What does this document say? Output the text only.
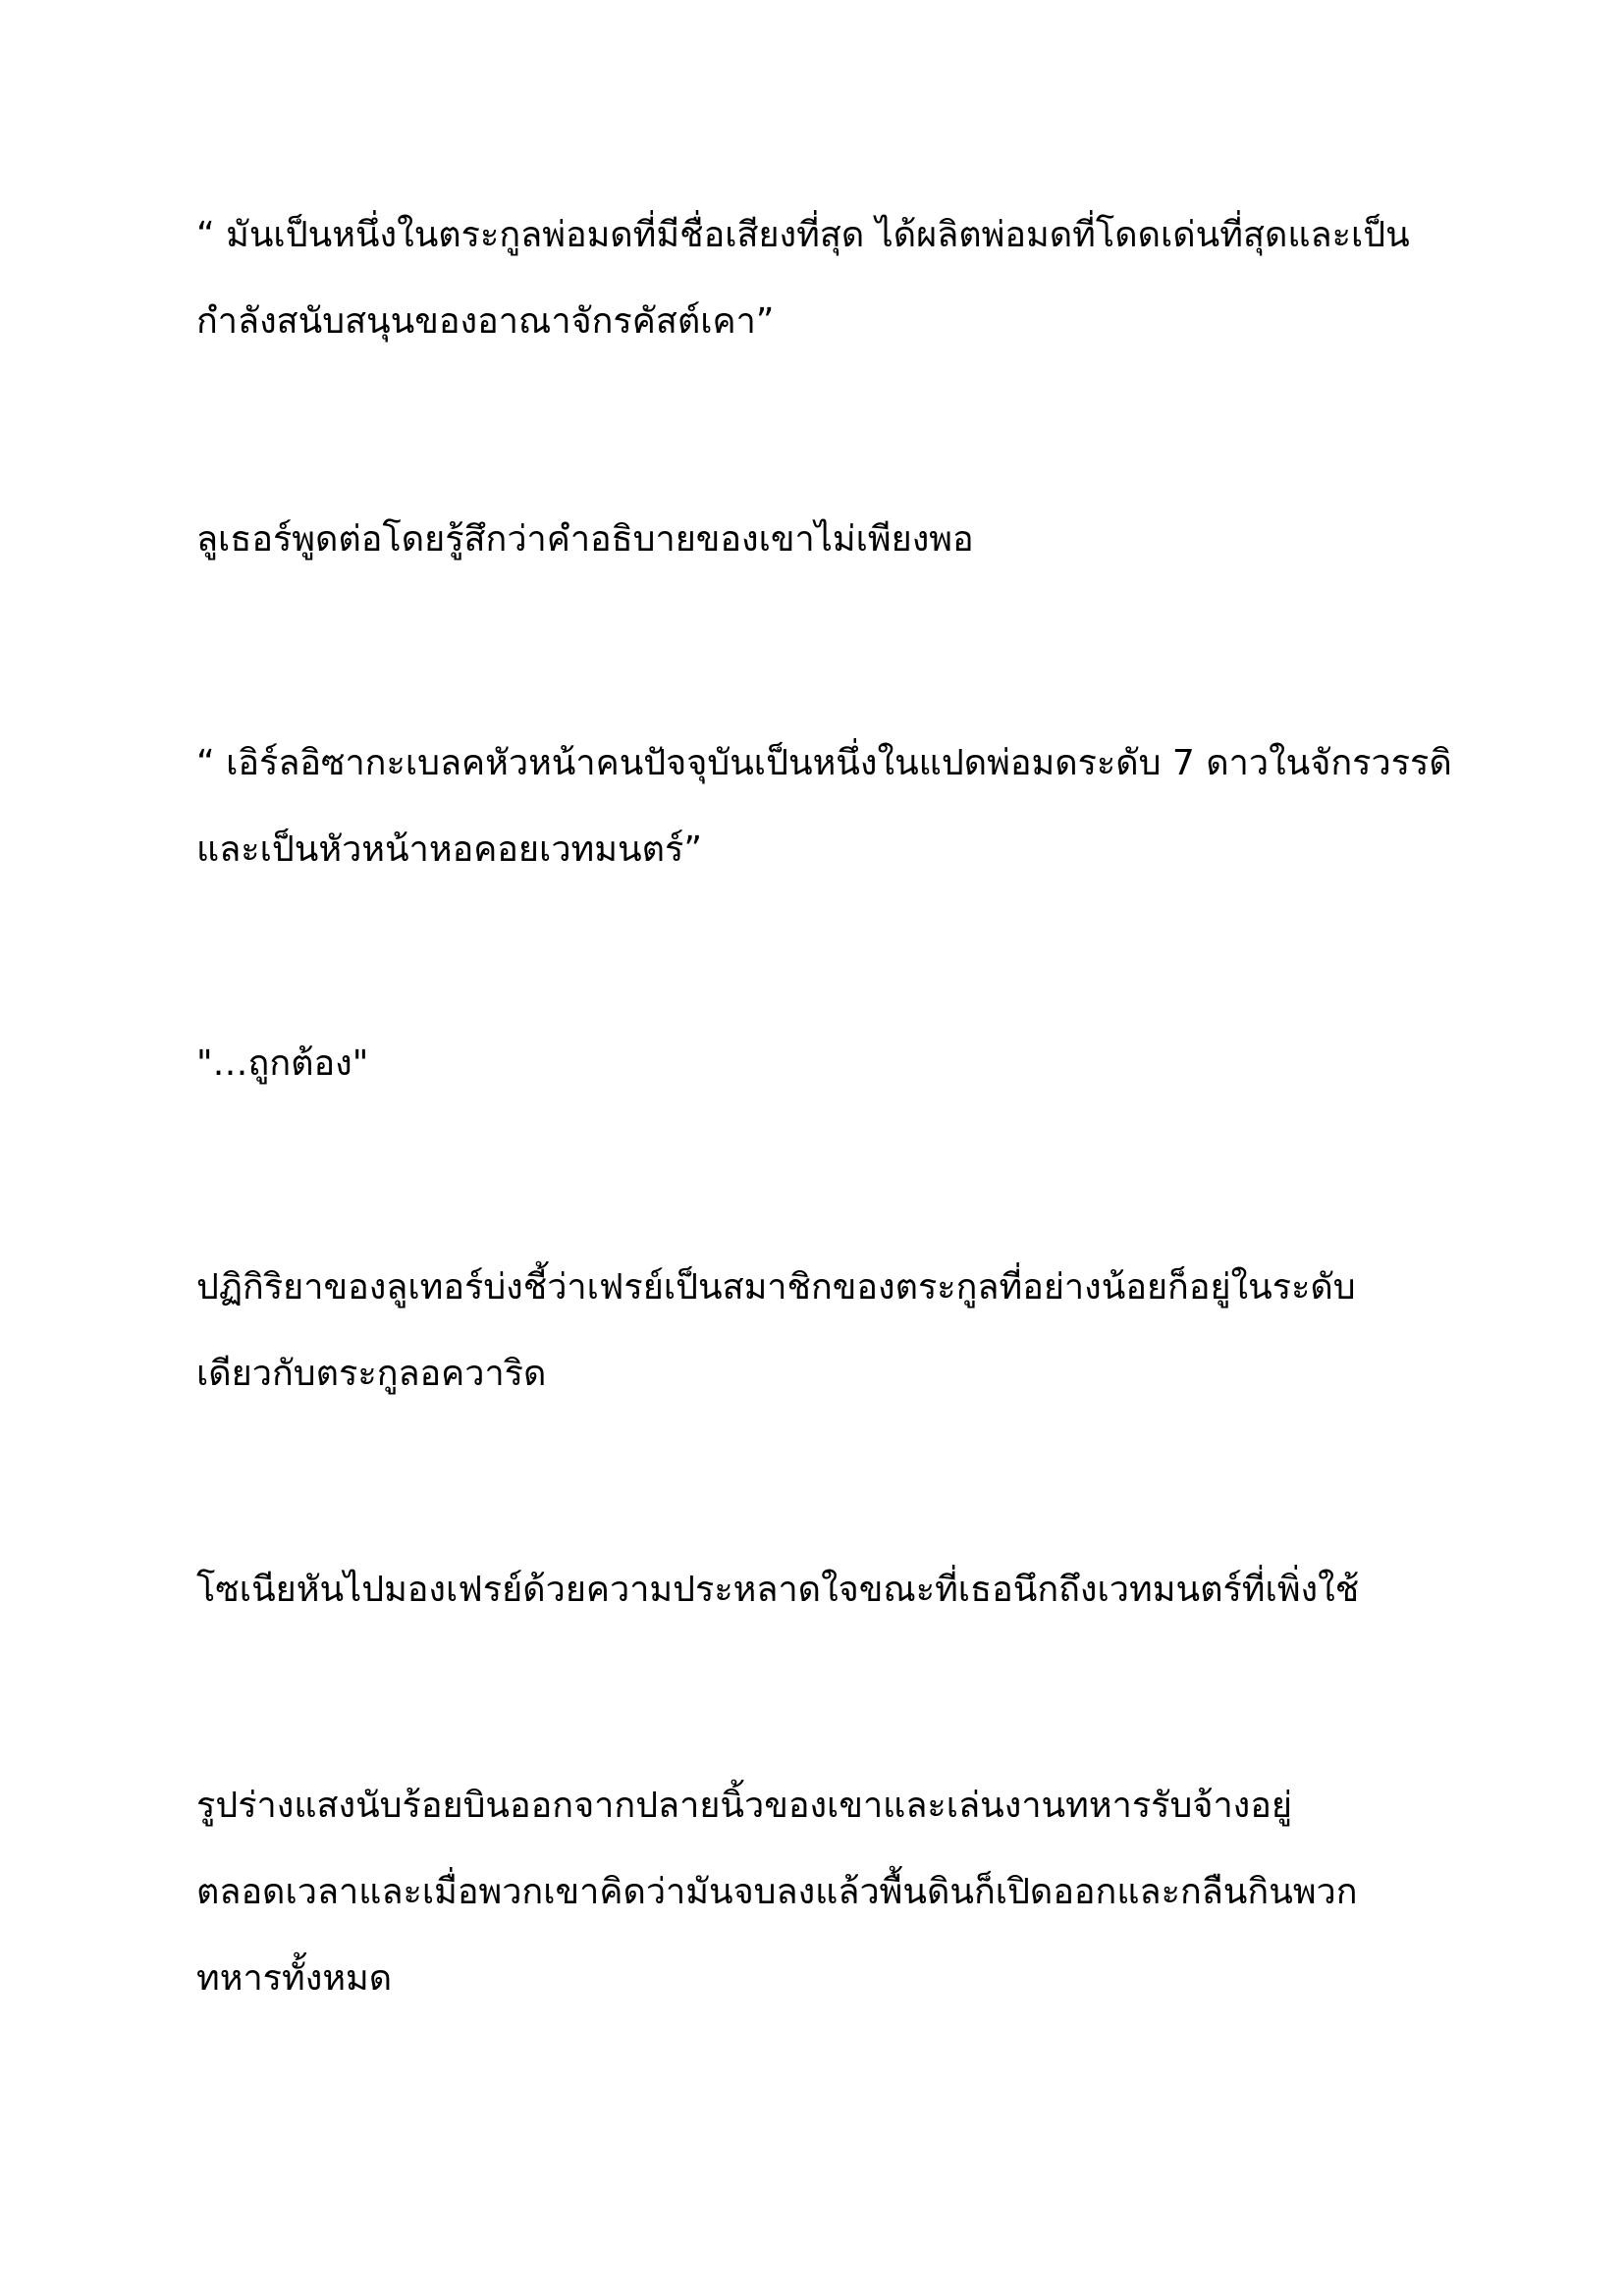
“ มันเป็นหนึ่งในตระกูลพ่อมดที่มีชื่อเสียงที่สุด ได้ผลิตพ่อมดที่โดดเด่นที่สุดและเป็น

กำลังสนับสนุนของอาณาจักรคัสต์เคา”

ลูเธอร์พูดต่อโดยรู้สึกว่าคำอธิบายของเขาไม่เพียงพอ

“ เอิร์ลอิซากะเบลคหัวหน้าคนปัจจุบันเป็นหนึ่งในแปดพ่อมดระดับ 7 ดาวในจักรวรรดิ

และเป็นหัวหน้าหอคอยเวทมนตร์”

"…ถูกต้อง"

ปฏิกิริยาของลูเทอร์บ่งชี้ว่าเฟรย์เป็นสมาชิกของตระกูลที่อย่างน้อยก็อยู่ในระดับ

เดียวกับตระกูลอควาริด

โซเนียหันไปมองเฟรย์ด้วยความประหลาดใจขณะที่เธอนึกถึงเวทมนตร์ที่เพิ่งใช้

รูปร่างแสงนับร้อยบินออกจากปลายนิ้วของเขาและเล่นงานทหารรับจ้างอยู่

ตลอดเวลาและเมื่อพวกเขาคิดว่ามันจบลงแล้วพื้นดินก็เปิดออกและกลืนกินพวก

ทหารทั้งหมด
